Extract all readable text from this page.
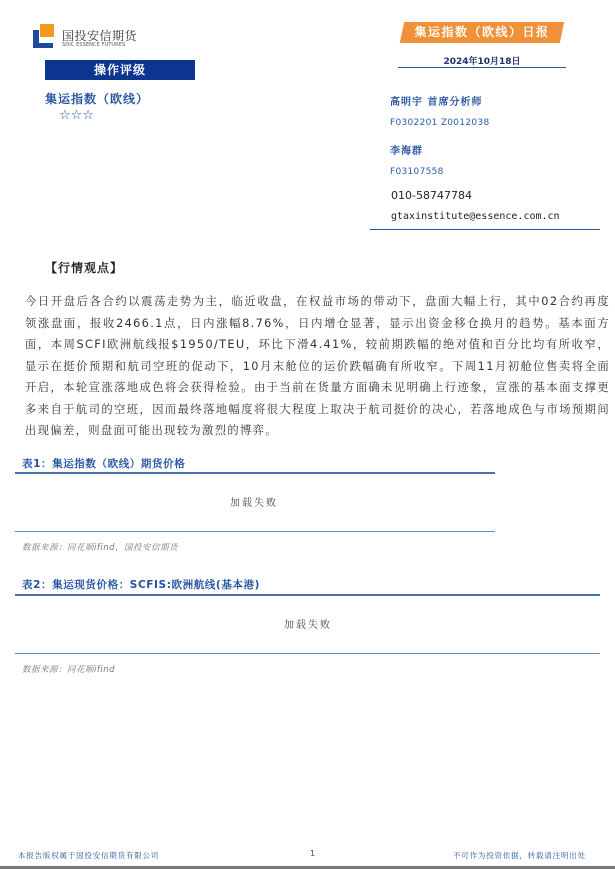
国投安信期货
SDIC ESSENCE FUTURES
操作评级
集运指数（欧线）
☆☆☆
集运指数（欧线）日报
2024年10月18日
高明宇 首席分析师
F0302201 Z0012038
李海群
F03107558
010-58747784
gtaxinstitute@essence.com.cn
【行情观点】
今日开盘后各合约以震荡走势为主，临近收盘，在权益市场的带动下，盘面大幅上行，其中02合约再度领涨盘面，报收2466.1点，日内涨幅8.76%，日内增仓显著，显示出资金移仓换月的趋势。基本面方面，本周SCFI欧洲航线报$1950/TEU，环比下滑4.41%，较前期跌幅的绝对值和百分比均有所收窄，显示在挺价预期和航司空班的促动下，10月末舱位的运价跌幅确有所收窄。下周11月初舱位售卖将全面开启，本轮宣涨落地成色将会获得检验。由于当前在货量方面确未见明确上行迹象，宣涨的基本面支撑更多来自于航司的空班，因而最终落地幅度将很大程度上取决于航司挺价的决心，若落地成色与市场预期间出现偏差，则盘面可能出现较为激烈的博弈。
表1：集运指数（欧线）期货价格
加载失败
数据来源：同花顺ifind，国投安信期货
表2：集运现货价格：SCFIS:欧洲航线(基本港)
加载失败
数据来源：同花顺ifind
本报告版权属于国投安信期货有限公司	1	不可作为投资依据，转载请注明出处
